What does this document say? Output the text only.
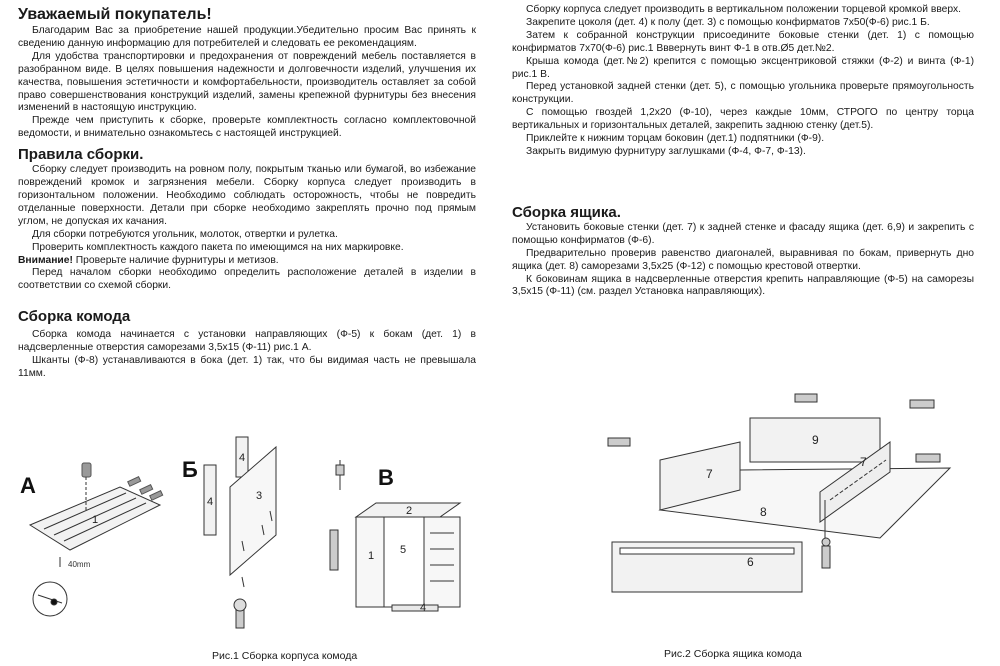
Уважаемый покупатель!

Благодарим Вас за приобретение нашей продукции.Убедительно просим Вас принять к сведению данную информацию для потребителей и следовать ее рекомендациям.

Для удобства транспортировки и предохранения от повреждений мебель поставляется в разобранном виде. В целях повышения надежности и долговечности изделий, улучшения их качества, повышения эстетичности и комфортабельности, производитель оставляет за собой право совершенствования конструкций изделий, замены крепежной фурнитуры без внесения изменений в настоящую инструкцию.

Прежде чем приступить к сборке, проверьте комплектность согласно комплектовочной ведомости, и внимательно ознакомьтесь с настоящей инструкцией.

Правила сборки.

Сборку следует производить на ровном полу, покрытым тканью или бумагой, во избежание повреждений кромок и загрязнения мебели. Сборку корпуса следует производить в горизонтальном положении. Необходимо соблюдать осторожность, чтобы не повредить отделанные поверхности. Детали при сборке необходимо закреплять прочно под прямым углом, не допуская их качания.

Для сборки потребуются угольник, молоток, отвертки и рулетка.

Проверить комплектность каждого пакета по имеющимся на них маркировке.

Внимание! Проверьте наличие фурнитуры и метизов.

Перед началом сборки необходимо определить расположение деталей в изделии в соответствии со схемой сборки.

Сборка комода

Сборка комода начинается с установки направляющих (Ф-5) к бокам (дет. 1) в надсверленные отверстия саморезами 3,5х15 (Ф-11) рис.1 А.

Шканты (Ф-8) устанавливаются в бока (дет. 1) так, что бы видимая часть не превышала 11мм.

Сборку корпуса следует производить в вертикальном положении торцевой кромкой вверх.

Закрепите цоколя (дет. 4) к полу (дет. 3) с помощью конфирматов 7х50(Ф-6) рис.1 Б.

Затем к собранной конструкции присоедините боковые стенки (дет. 1) с помощью конфирматов 7х70(Ф-6) рис.1 Вввернуть винт Ф-1 в отв.Ø5 дет.№2.

Крыша комода (дет.№2) крепится с помощью эксцентриковой стяжки (Ф-2) и винта (Ф-1) рис.1 В.

Перед установкой задней стенки (дет. 5), с помощью угольника проверьте прямоугольность конструкции.

С помощью гвоздей 1,2х20 (Ф-10), через каждые 10мм, СТРОГО по центру торца вертикальных и горизонтальных деталей, закрепить заднюю стенку (дет.5).

Приклейте к нижним торцам боковин (дет.1) подпятники (Ф-9).

Закрыть видимую фурнитуру заглушками (Ф-4, Ф-7, Ф-13).

Сборка ящика.

Установить боковые стенки (дет. 7) к задней стенке и фасаду ящика (дет. 6,9) и закрепить с помощью конфирматов (Ф-6).

Предварительно проверив равенство диагоналей, выравнивая по бокам, привернуть дно ящика (дет. 8) саморезами 3,5х25 (Ф-12) с помощью крестовой отвертки.

К боковинам ящика в надсверленные отверстия крепить направляющие (Ф-5) на саморезы 3,5х15 (Ф-11) (см. раздел Установка направляющих).

А
Б	В
40mm
1
4
4
3
2
1 5
4
Рис.1 Сборка корпуса комода
9
7
7
8
6
Рис.2 Сборка ящика комода
